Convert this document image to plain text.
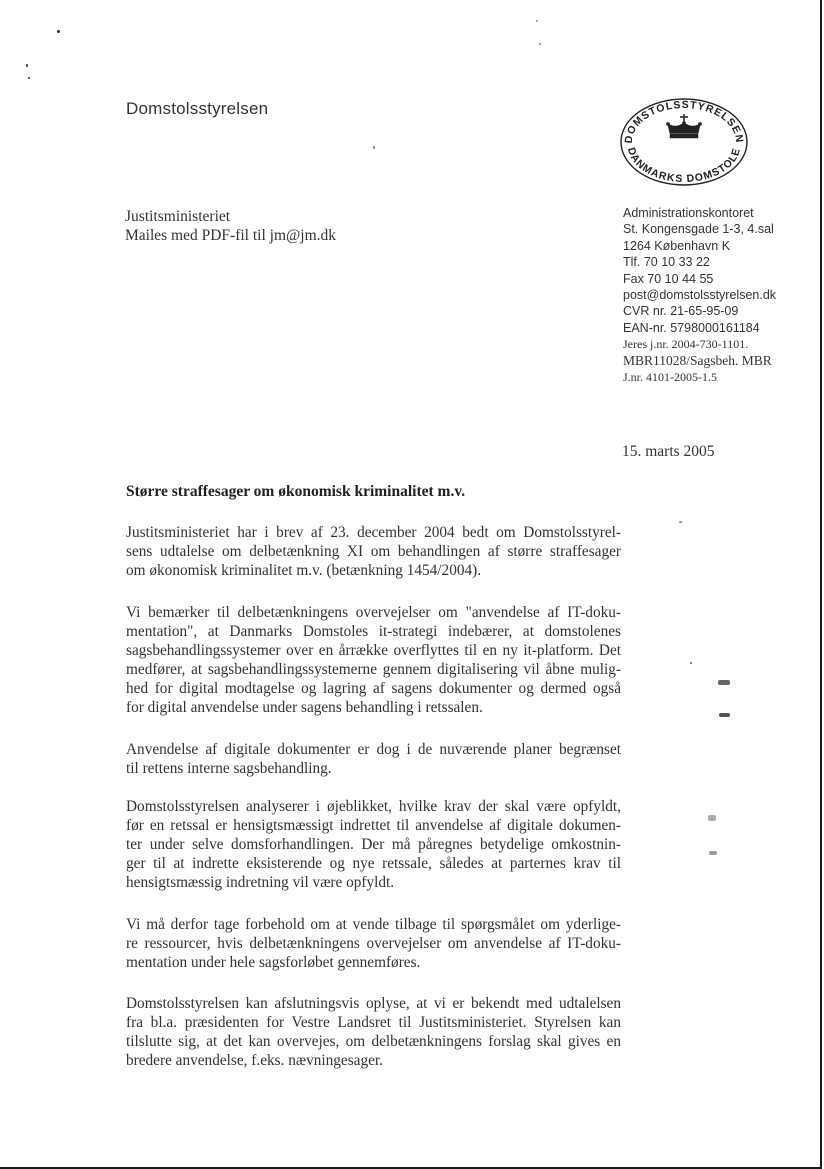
Domstolsstyrelsen
DOMSTOLSSTYRELSEN
DANMARKS DOMSTOLE
Justitsministeriet
Mailes med PDF-fil til jm@jm.dk
Administrationskontoret
St. Kongensgade 1-3, 4.sal
1264 København K
Tlf. 70 10 33 22
Fax 70 10 44 55
post@domstolsstyrelsen.dk
CVR nr. 21-65-95-09
EAN-nr. 5798000161184
Jeres j.nr. 2004-730-1101.
MBR11028/Sagsbeh. MBR
J.nr. 4101-2005-1.5
15. marts 2005
Større straffesager om økonomisk kriminalitet m.v.
Justitsministeriet har i brev af 23. december 2004 bedt om Domstolsstyrel-
sens udtalelse om delbetænkning XI om behandlingen af større straffesager
om økonomisk kriminalitet m.v. (betænkning 1454/2004).
Vi bemærker til delbetænkningens overvejelser om "anvendelse af IT-doku-
mentation", at Danmarks Domstoles it-strategi indebærer, at domstolenes
sagsbehandlingssystemer over en årrække overflyttes til en ny it-platform. Det
medfører, at sagsbehandlingssystemerne gennem digitalisering vil åbne mulig-
hed for digital modtagelse og lagring af sagens dokumenter og dermed også
for digital anvendelse under sagens behandling i retssalen.
Anvendelse af digitale dokumenter er dog i de nuværende planer begrænset
til rettens interne sagsbehandling.
Domstolsstyrelsen analyserer i øjeblikket, hvilke krav der skal være opfyldt,
før en retssal er hensigtsmæssigt indrettet til anvendelse af digitale dokumen-
ter under selve domsforhandlingen. Der må påregnes betydelige omkostnin-
ger til at indrette eksisterende og nye retssale, således at parternes krav til
hensigtsmæssig indretning vil være opfyldt.
Vi må derfor tage forbehold om at vende tilbage til spørgsmålet om yderlige-
re ressourcer, hvis delbetænkningens overvejelser om anvendelse af IT-doku-
mentation under hele sagsforløbet gennemføres.
Domstolsstyrelsen kan afslutningsvis oplyse, at vi er bekendt med udtalelsen
fra bl.a. præsidenten for Vestre Landsret til Justitsministeriet. Styrelsen kan
tilslutte sig, at det kan overvejes, om delbetænkningens forslag skal gives en
bredere anvendelse, f.eks. nævningesager.
